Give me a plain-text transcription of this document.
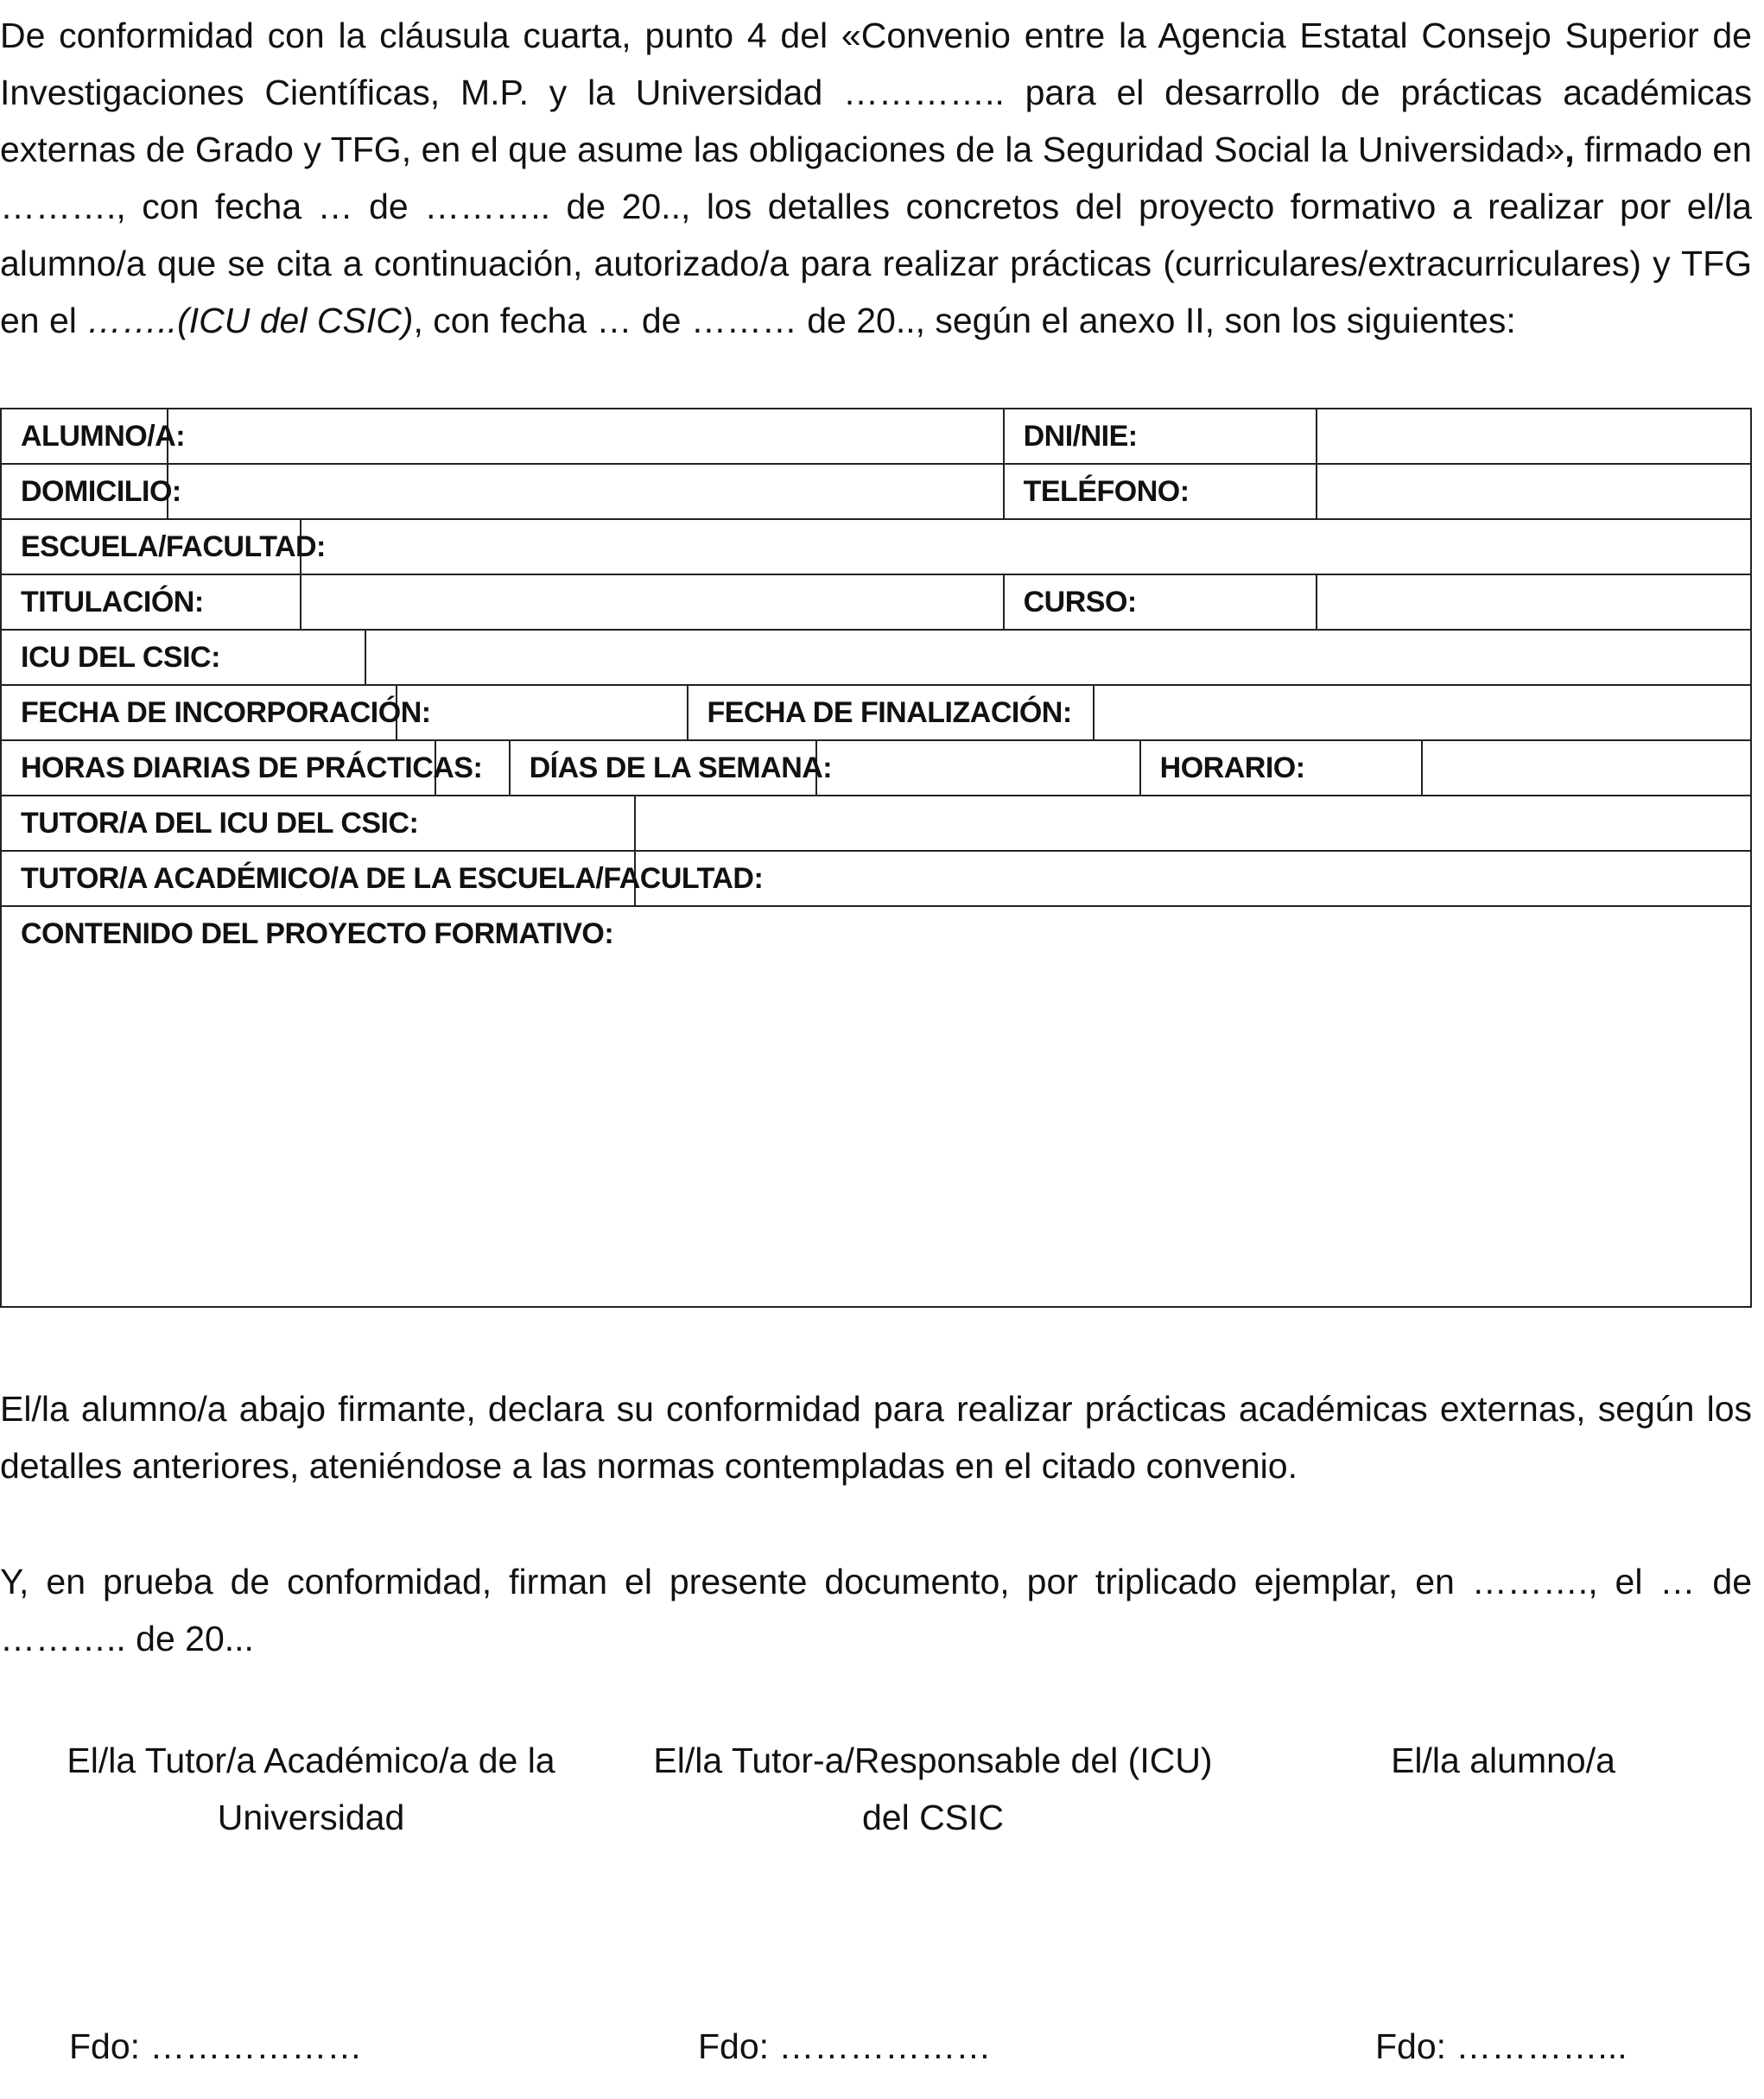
De conformidad con la cláusula cuarta, punto 4 del «Convenio entre la Agencia Estatal Consejo Superior de Investigaciones Científicas, M.P. y la Universidad ………….. para el desarrollo de prácticas académicas externas de Grado y TFG, en el que asume las obligaciones de la Seguridad Social la Universidad», firmado en ………., con fecha … de ……….. de 20.., los detalles concretos del proyecto formativo a realizar por el/la alumno/a que se cita a continuación, autorizado/a para realizar prácticas (curriculares/extracurriculares) y TFG en el ……..(ICU del CSIC), con fecha … de ……… de 20.., según el anexo II, son los siguientes:

ALUMNO/A:										DNI/NIE:				
DOMICILIO:										TELÉFONO:				
ESCUELA/FACULTAD:														
TITULACIÓN:										CURSO:				
ICU DEL CSIC:														
FECHA DE INCORPORACIÓN:								FECHA DE FINALIZACIÓN:						
HORAS DIARIAS DE PRÁCTICAS:						DÍAS DE LA SEMANA:						HORARIO:		
TUTOR/A DEL ICU DEL CSIC:														
TUTOR/A ACADÉMICO/A DE LA ESCUELA/FACULTAD:														
CONTENIDO DEL PROYECTO FORMATIVO:														

El/la alumno/a abajo firmante, declara su conformidad para realizar prácticas académicas externas, según los detalles anteriores, ateniéndose a las normas contempladas en el citado convenio.

Y, en prueba de conformidad, firman el presente documento, por triplicado ejemplar, en ………., el … de ……….. de 20...

El/la Tutor/a Académico/a de la
Universidad
El/la Tutor-a/Responsable del (ICU)
del CSIC
El/la alumno/a
Fdo: ………………	Fdo: ………………	Fdo: …………...
